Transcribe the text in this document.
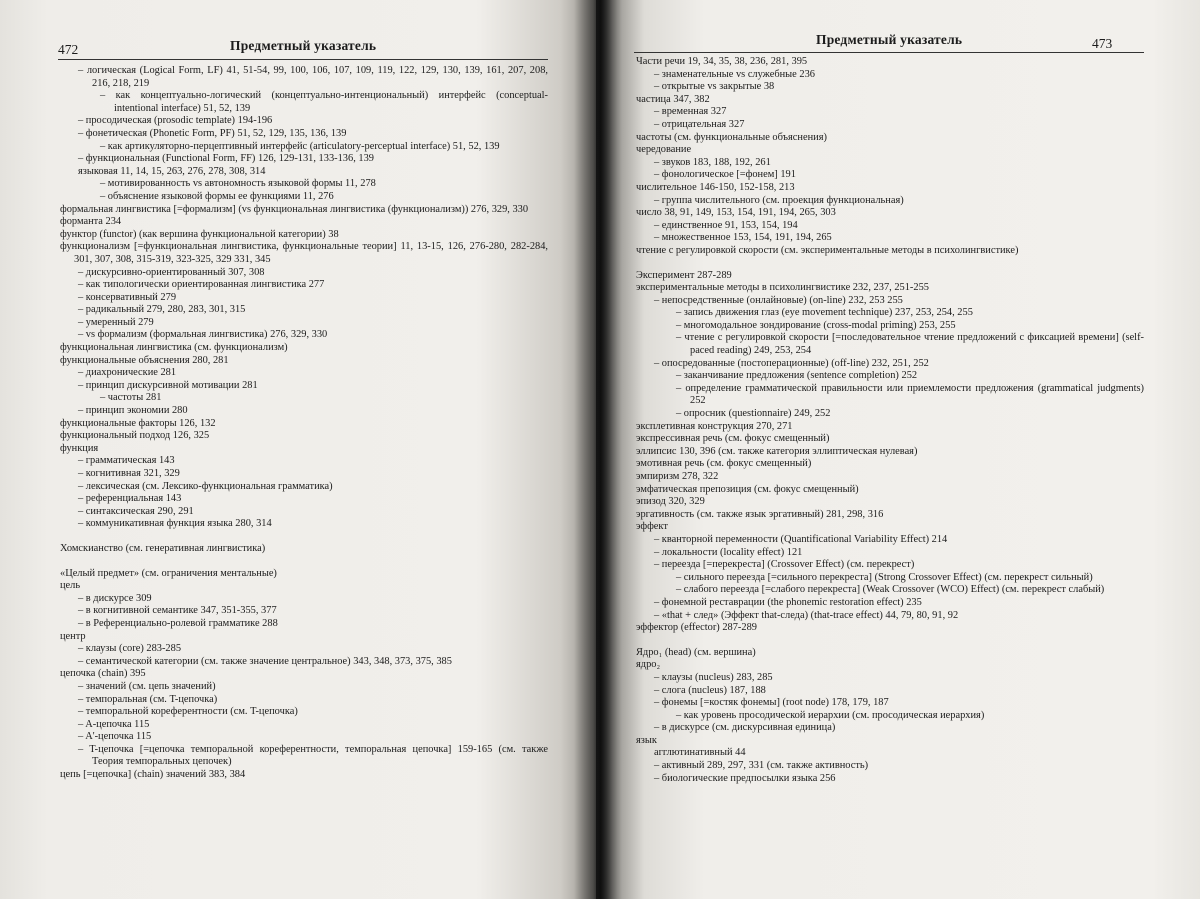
472	Предметный указатель
– логическая (Logical Form, LF) 41, 51-54, 99, 100, 106, 107, 109, 119, 122, 129, 130, 139, 161, 207, 208, 216, 218, 219
– как концептуально-логический (концептуально-интенциональный) интерфейс (conceptual-intentional interface) 51, 52, 139
– просодическая (prosodic template) 194-196
– фонетическая (Phonetic Form, PF) 51, 52, 129, 135, 136, 139
– как артикуляторно-перцептивный интерфейс (articulatory-perceptual interface) 51, 52, 139
– функциональная (Functional Form, FF) 126, 129-131, 133-136, 139
языковая 11, 14, 15, 263, 276, 278, 308, 314
– мотивированность vs автономность языковой формы 11, 278
– объяснение языковой формы ее функциями 11, 276
формальная лингвистика [=формализм] (vs функциональная лингвистика (функционализм)) 276, 329, 330
форманта 234
функтор (functor) (как вершина функциональной категории) 38
функционализм [=функциональная лингвистика, функциональные теории] 11, 13-15, 126, 276-280, 282-284, 301, 307, 308, 315-319, 323-325, 329 331, 345
– дискурсивно-ориентированный 307, 308
– как типологически ориентированная лингвистика 277
– консервативный 279
– радикальный 279, 280, 283, 301, 315
– умеренный 279
– vs формализм (формальная лингвистика) 276, 329, 330
функциональная лингвистика (см. функционализм)
функциональные объяснения 280, 281
– диахронические 281
– принцип дискурсивной мотивации 281
– частоты 281
– принцип экономии 280
функциональные факторы 126, 132
функциональный подход 126, 325
функция
– грамматическая 143
– когнитивная 321, 329
– лексическая (см. Лексико-функциональная грамматика)
– референциальная 143
– синтаксическая 290, 291
– коммуникативная функция языка 280, 314
Хомскианство (см. генеративная лингвистика)
«Целый предмет» (см. ограничения ментальные)
цель
– в дискурсе 309
– в когнитивной семантике 347, 351-355, 377
– в Референциально-ролевой грамматике 288
центр
– клаузы (core) 283-285
– семантической категории (см. также значение центральное) 343, 348, 373, 375, 385
цепочка (chain) 395
– значений (см. цепь значений)
– темпоральная (см. T-цепочка)
– темпоральной кореферентности (см. T-цепочка)
– A-цепочка 115
– A'-цепочка 115
– T-цепочка [=цепочка темпоральной кореферентности, темпоральная цепочка] 159-165 (см. также Теория темпоральных цепочек)
цепь [=цепочка] (chain) значений 383, 384
Предметный указатель	473
Части речи 19, 34, 35, 38, 236, 281, 395
– знаменательные vs служебные 236
– открытые vs закрытые 38
частица 347, 382
– временная 327
– отрицательная 327
частоты (см. функциональные объяснения)
чередование
– звуков 183, 188, 192, 261
– фонологическое [=фонем] 191
числительное 146-150, 152-158, 213
– группа числительного (см. проекция функциональная)
число 38, 91, 149, 153, 154, 191, 194, 265, 303
– единственное 91, 153, 154, 194
– множественное 153, 154, 191, 194, 265
чтение с регулировкой скорости (см. экспериментальные методы в психолингвистике)
Эксперимент 287-289
экспериментальные методы в психолингвистике 232, 237, 251-255
– непосредственные (онлайновые) (on-line) 232, 253 255
– запись движения глаз (eye movement technique) 237, 253, 254, 255
– многомодальное зондирование (cross-modal priming) 253, 255
– чтение с регулировкой скорости [=последовательное чтение предложений с фиксацией времени] (self-paced reading) 249, 253, 254
– опосредованные (постоперационные) (off-line) 232, 251, 252
– заканчивание предложения (sentence completion) 252
– определение грамматической правильности или приемлемости предложения (grammatical judgments) 252
– опросник (questionnaire) 249, 252
эксплетивная конструкция 270, 271
экспрессивная речь (см. фокус смещенный)
эллипсис 130, 396 (см. также категория эллиптическая нулевая)
эмотивная речь (см. фокус смещенный)
эмпиризм 278, 322
эмфатическая препозиция (см. фокус смещенный)
эпизод 320, 329
эргативность (см. также язык эргативный) 281, 298, 316
эффект
– кванторной переменности (Quantificational Variability Effect) 214
– локальности (locality effect) 121
– переезда [=перекреста] (Crossover Effect) (см. перекрест)
– сильного переезда [=сильного перекреста] (Strong Crossover Effect) (см. перекрест сильный)
– слабого переезда [=слабого перекреста] (Weak Crossover (WCO) Effect) (см. перекрест слабый)
– фонемной реставрации (the phonemic restoration effect) 235
– «that + след» (Эффект that-следа) (that-trace effect) 44, 79, 80, 91, 92
эффектор (effector) 287-289
Ядро₁ (head) (см. вершина)
ядро₂
– клаузы (nucleus) 283, 285
– слога (nucleus) 187, 188
– фонемы [=костяк фонемы] (root node) 178, 179, 187
– как уровень просодической иерархии (см. просодическая иерархия)
– в дискурсе (см. дискурсивная единица)
язык
агглютинативный 44
– активный 289, 297, 331 (см. также активность)
– биологические предпосылки языка 256
